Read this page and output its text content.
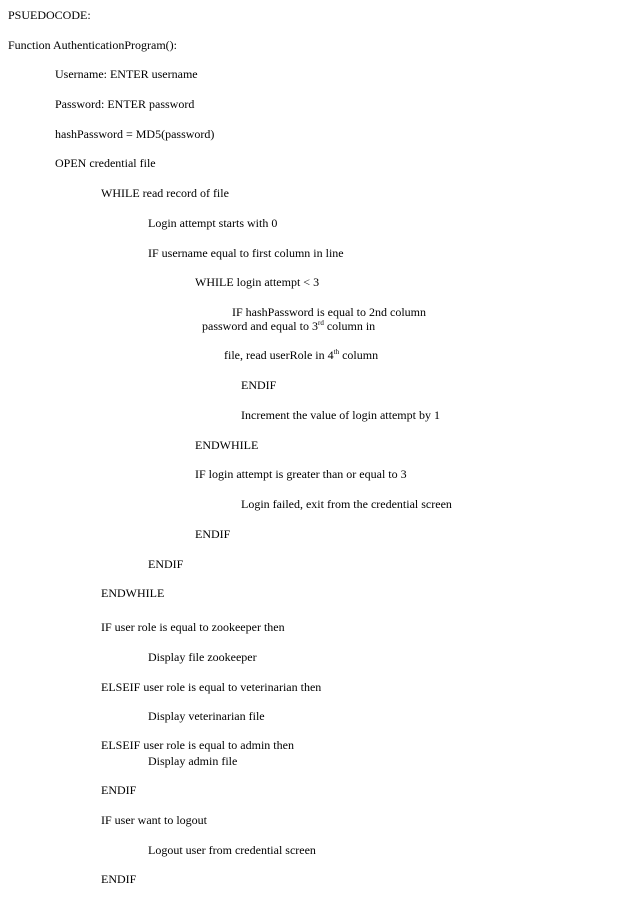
PSUEDOCODE:

Function AuthenticationProgram():

Username: ENTER username

Password: ENTER password

hashPassword = MD5(password)

OPEN credential file

WHILE read record of file

Login attempt starts with 0

IF username equal to first column in line

WHILE login attempt < 3

IF hashPassword is equal to 2nd column

password and equal to 3rd column in

file, read userRole in 4th column

ENDIF

Increment the value of login attempt by 1

ENDWHILE

IF login attempt is greater than or equal to 3

Login failed, exit from the credential screen

ENDIF

ENDIF

ENDWHILE

IF user role is equal to zookeeper then

Display file zookeeper

ELSEIF user role is equal to veterinarian then

Display veterinarian file

ELSEIF user role is equal to admin then

Display admin file

ENDIF

IF user want to logout

Logout user from credential screen

ENDIF
